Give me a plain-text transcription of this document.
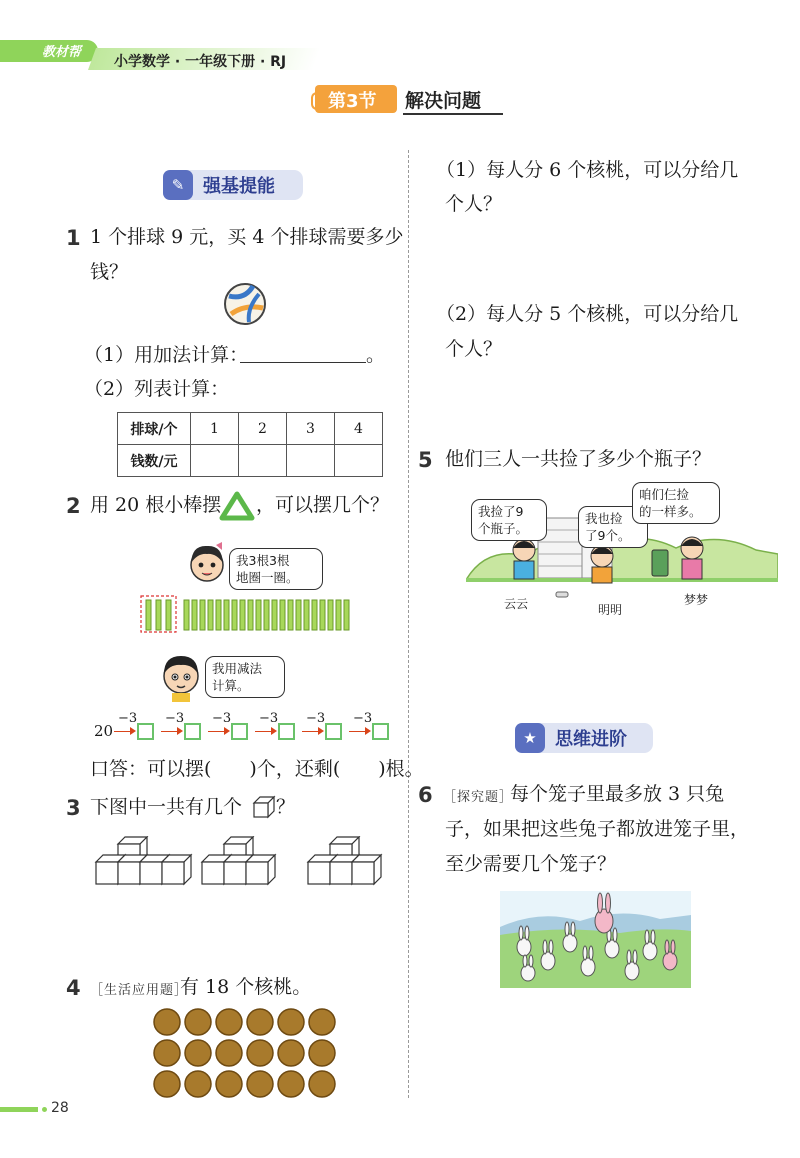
教材帮
小学数学 · 一年级下册 · RJ
第3节 解决问题
✎	强基提能
1 1 个排球 9 元，买 4 个排球需要多少
钱？
（1）用加法计算：	。
（2）列表计算：
排球/个	1	2	3	4
钱数/元				
2 用 20 根小棒摆 ，可以摆几个？
我3根3根
地圈一圈。
我用减法
计算。
20
−3 −3 −3 −3 −3 −3
口答：可以摆(　　)个，还剩(　　)根。
3 下图中一共有几个 ？
4 ［生活应用题］
有 18 个核桃。
（1）每人分 6 个核桃，可以分给几
个人？
（2）每人分 5 个核桃，可以分给几
个人？
5 他们三人一共捡了多少个瓶子？
我捡了9
个瓶子。
我也捡
了9个。
咱们仨捡
的一样多。
云云	明明
梦梦
★	思维进阶
6 ［探究题］
每个笼子里最多放 3 只兔
子，如果把这些兔子都放进笼子里，
至少需要几个笼子？
28
